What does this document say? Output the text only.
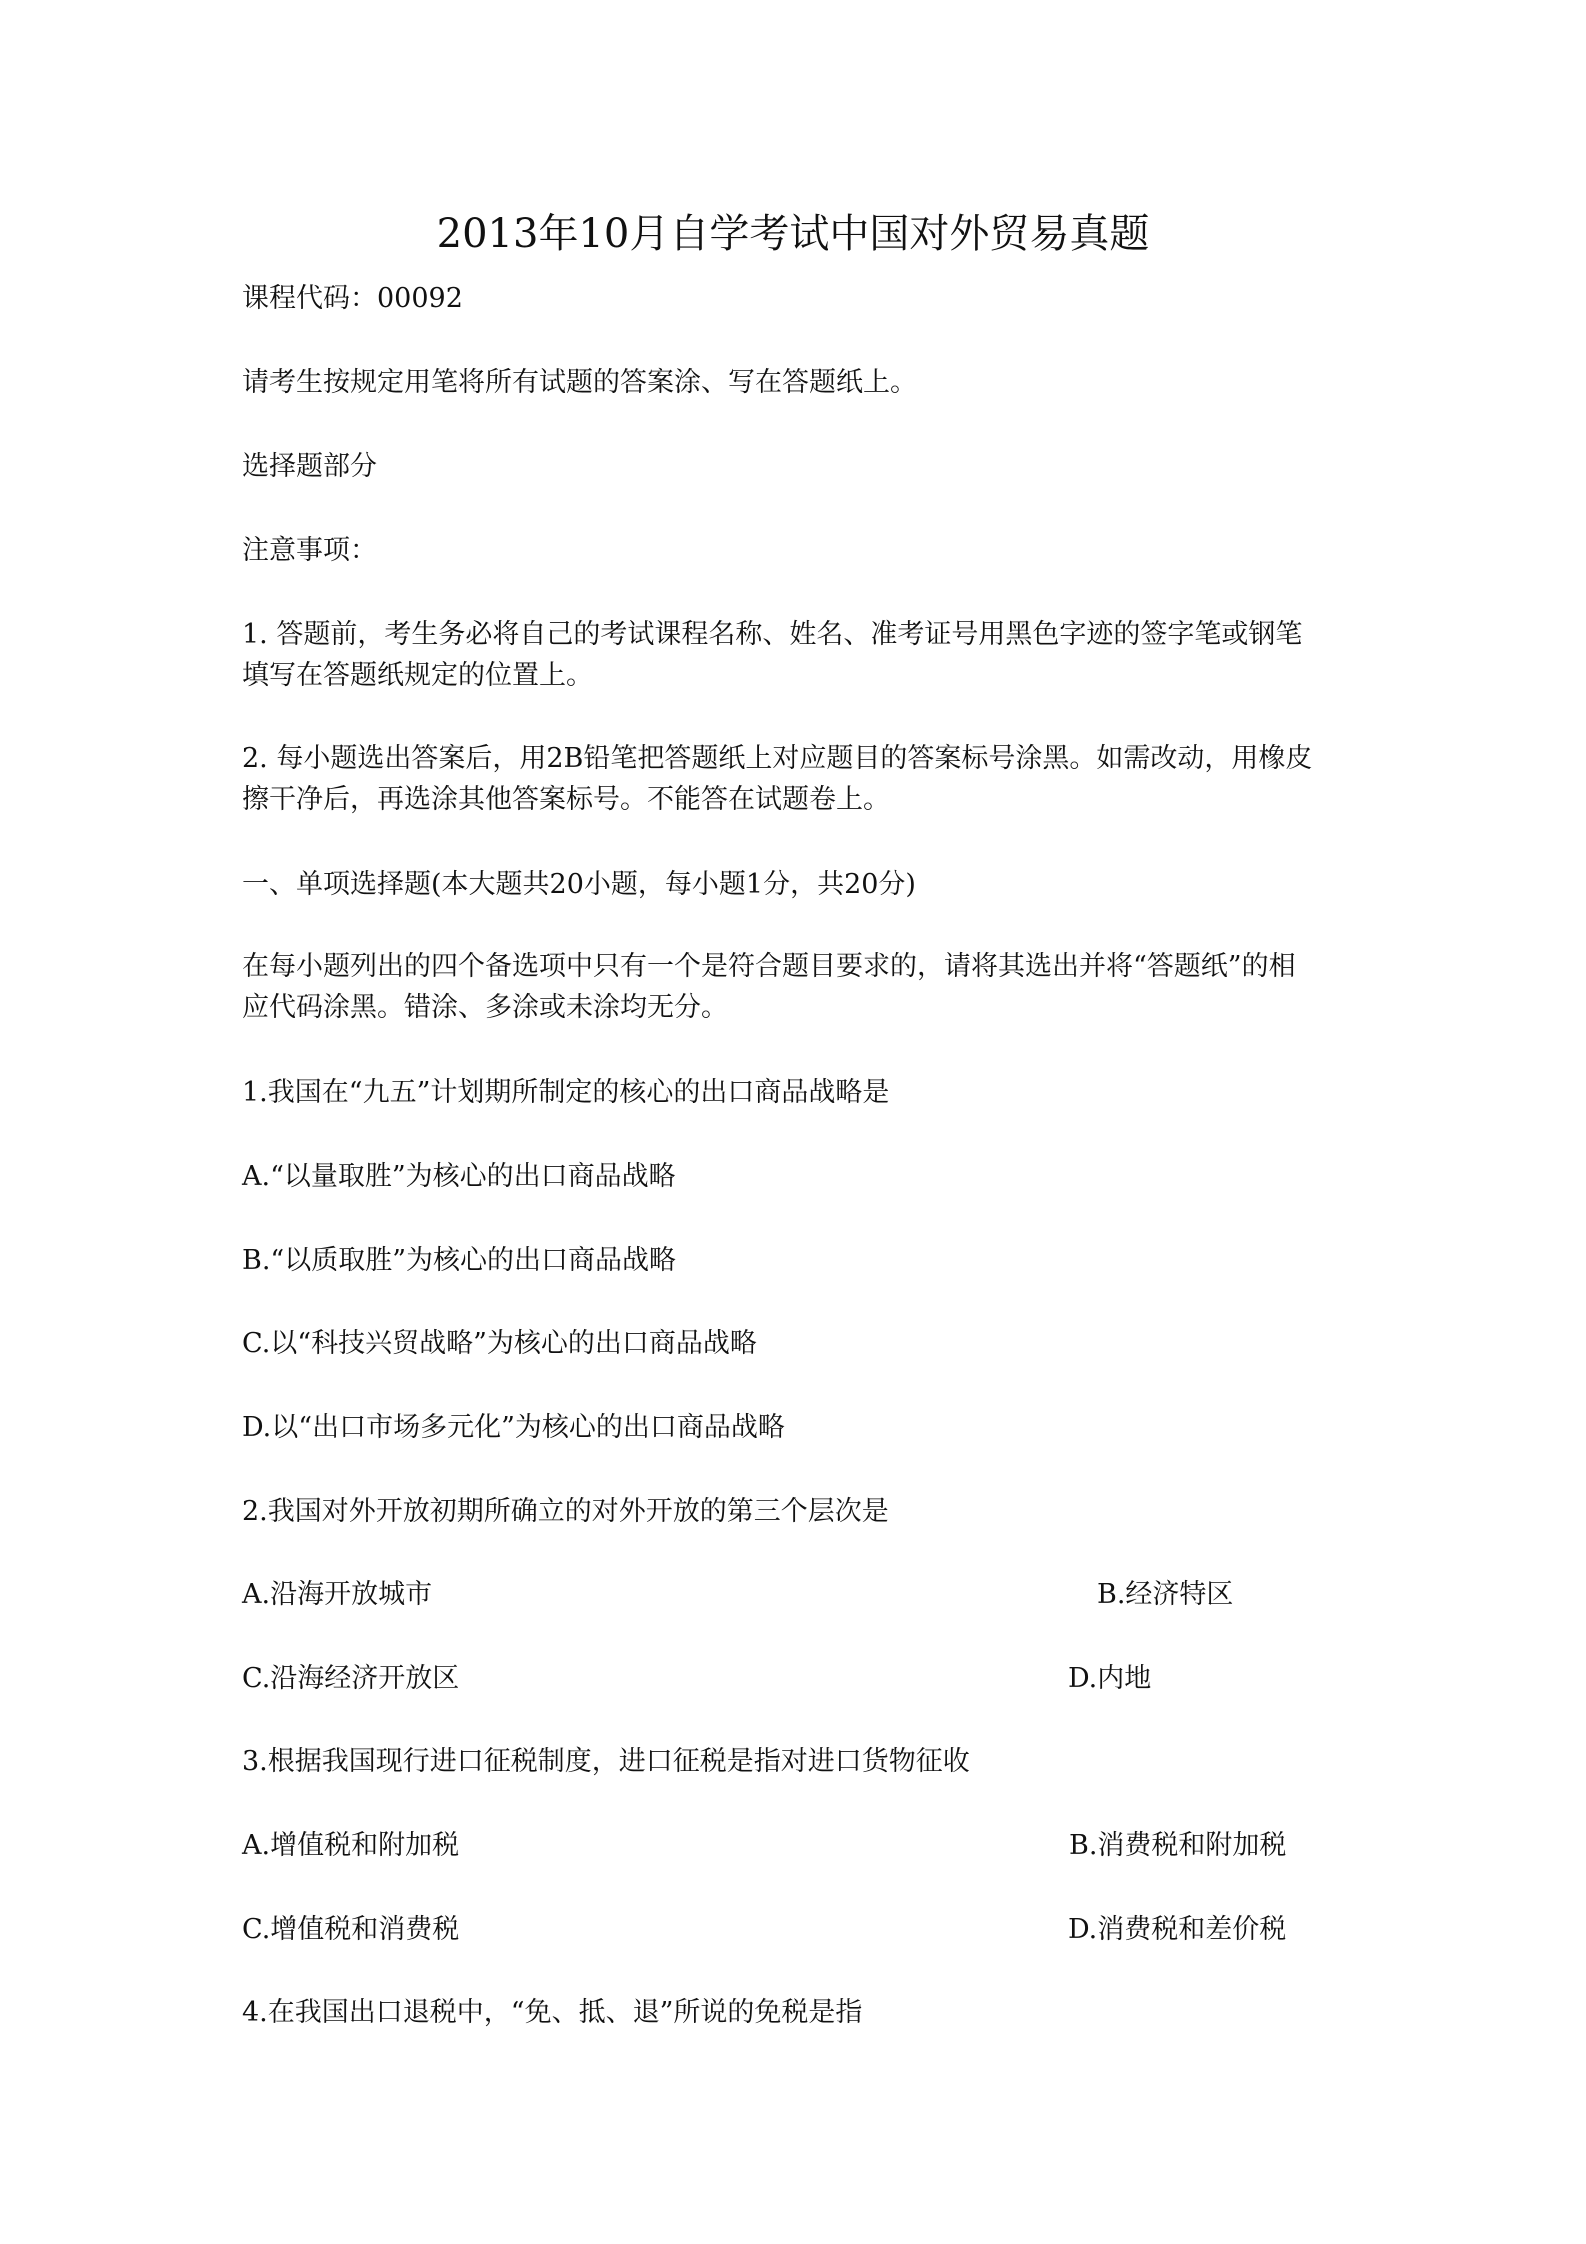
2013年10月自学考试中国对外贸易真题
课程代码：00092
请考生按规定用笔将所有试题的答案涂、写在答题纸上。
选择题部分
注意事项：
1. 答题前，考生务必将自己的考试课程名称、姓名、准考证号用黑色字迹的签字笔或钢笔
填写在答题纸规定的位置上。
2. 每小题选出答案后，用2B铅笔把答题纸上对应题目的答案标号涂黑。如需改动，用橡皮
擦干净后，再选涂其他答案标号。不能答在试题卷上。
一、单项选择题(本大题共20小题，每小题1分，共20分)
在每小题列出的四个备选项中只有一个是符合题目要求的，请将其选出并将“答题纸”的相
应代码涂黑。错涂、多涂或未涂均无分。
1.我国在“九五”计划期所制定的核心的出口商品战略是
A.“以量取胜”为核心的出口商品战略
B.“以质取胜”为核心的出口商品战略
C.以“科技兴贸战略”为核心的出口商品战略
D.以“出口市场多元化”为核心的出口商品战略
2.我国对外开放初期所确立的对外开放的第三个层次是
A.沿海开放城市	B.经济特区
C.沿海经济开放区	D.内地
3.根据我国现行进口征税制度，进口征税是指对进口货物征收
A.增值税和附加税	B.消费税和附加税
C.增值税和消费税	D.消费税和差价税
4.在我国出口退税中，“免、抵、退”所说的免税是指
